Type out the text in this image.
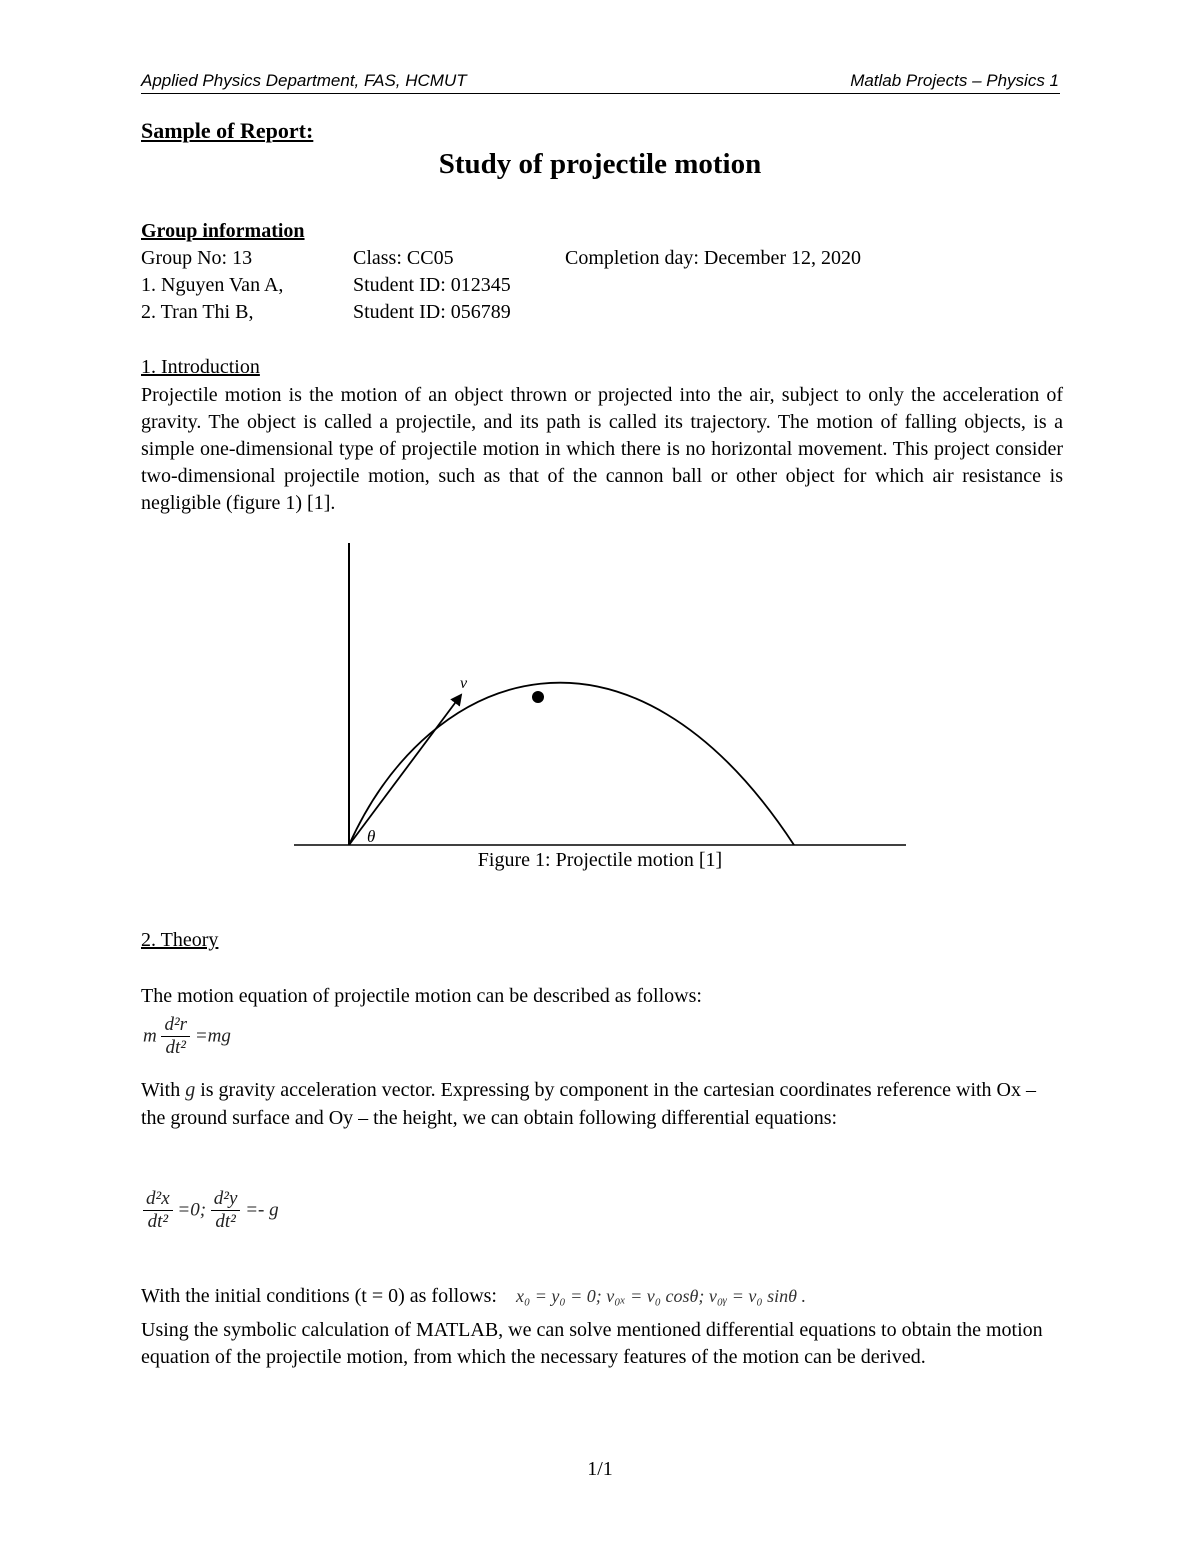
Applied Physics Department, FAS, HCMUT	Matlab Projects – Physics 1
Sample of Report:
Study of projectile motion
Group information
Group No: 13	Class: CC05	Completion day: December 12, 2020
1. Nguyen Van A,	Student ID: 012345
2. Tran Thi B,	Student ID: 056789
1. Introduction
Projectile motion is the motion of an object thrown or projected into the air, subject to only the acceleration of gravity. The object is called a projectile, and its path is called its trajectory. The motion of falling objects, is a simple one-dimensional type of projectile motion in which there is no horizontal movement. This project consider two-dimensional projectile motion, such as that of the cannon ball or other object for which air resistance is negligible (figure 1) [1].
v
θ
Figure 1: Projectile motion [1]
2. Theory
The motion equation of projectile motion can be described as follows:
m $\frac{\text{d²r}}{\text{dt²}} =mg$
With g is gravity acceleration vector. Expressing by component in the cartesian coordinates reference with Ox – the ground surface and Oy – the height, we can obtain following differential equations:
$\frac{\text{d²x}}{\text{dt²}} =0$; $\frac{\text{d²y}}{\text{dt²}} =- g$
With the initial conditions (t = 0) as follows: x₀ = y₀ = 0; v₀ₓ = v₀ cosθ; v₀ᵧ = v₀ sinθ .
Using the symbolic calculation of MATLAB, we can solve mentioned differential equations to obtain the motion equation of the projectile motion, from which the necessary features of the motion can be derived.
1/1
